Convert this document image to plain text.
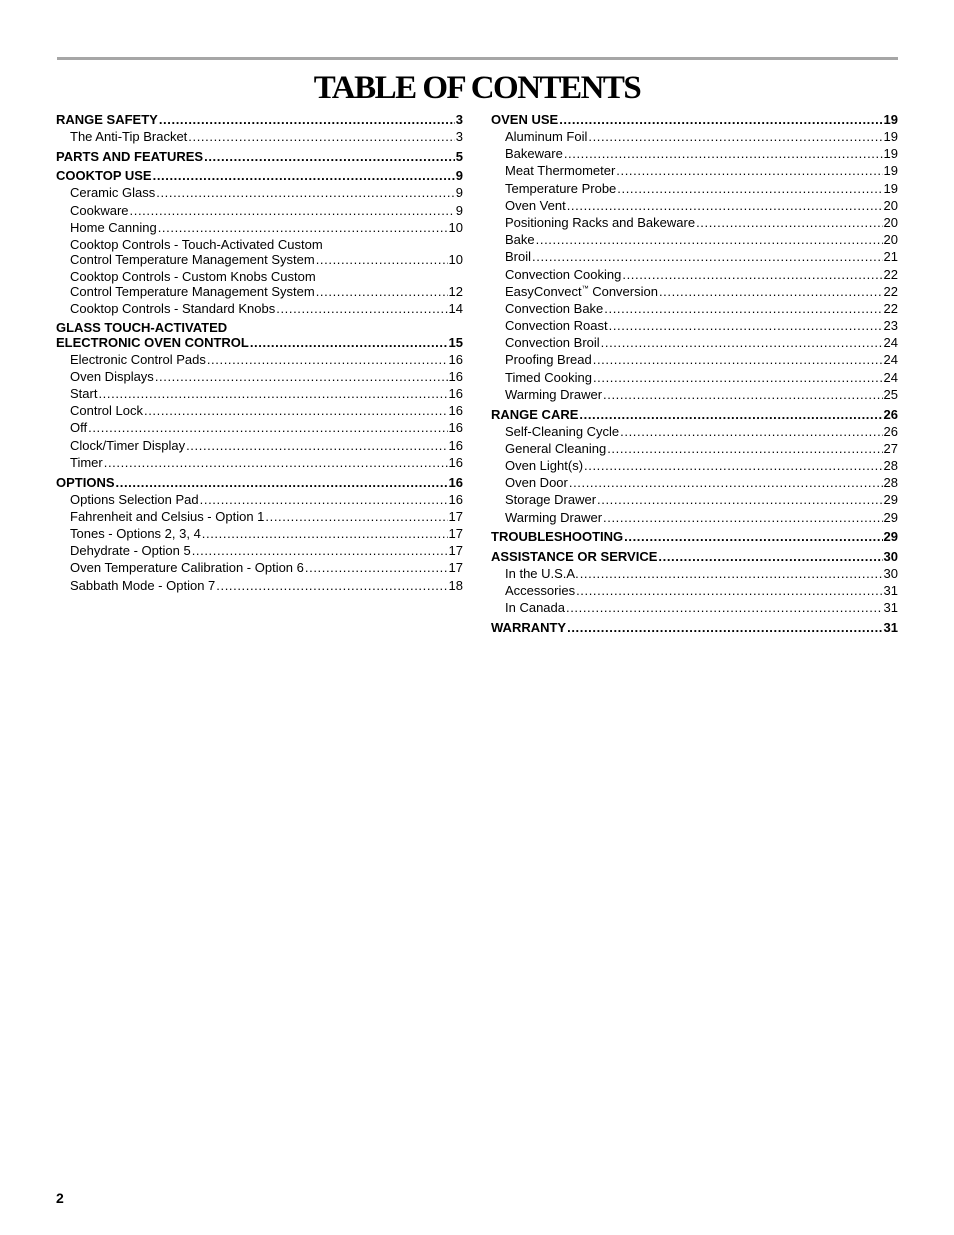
TABLE OF CONTENTS
RANGE SAFETY .....	3
The Anti-Tip Bracket .....	3
PARTS AND FEATURES .....	5
COOKTOP USE .....	9
Ceramic Glass .....	9
Cookware .....	9
Home Canning .....	10
Cooktop Controls - Touch-Activated Custom
Control Temperature Management System .....	10
Cooktop Controls - Custom Knobs Custom
Control Temperature Management System .....	12
Cooktop Controls - Standard Knobs .....	14
GLASS TOUCH-ACTIVATED
ELECTRONIC OVEN CONTROL .....	15
Electronic Control Pads .....	16
Oven Displays .....	16
Start .....	16
Control Lock .....	16
Off .....	16
Clock/Timer Display .....	16
Timer .....	16
OPTIONS .....	16
Options Selection Pad .....	16
Fahrenheit and Celsius - Option 1 .....	17
Tones - Options 2, 3, 4 .....	17
Dehydrate - Option 5 .....	17
Oven Temperature Calibration - Option 6 .....	17
Sabbath Mode - Option 7 .....	18
OVEN USE .....	19
Aluminum Foil .....	19
Bakeware .....	19
Meat Thermometer .....	19
Temperature Probe .....	19
Oven Vent .....	20
Positioning Racks and Bakeware .....	20
Bake .....	20
Broil .....	21
Convection Cooking .....	22
EasyConvect™ Conversion .....	22
Convection Bake .....	22
Convection Roast .....	23
Convection Broil .....	24
Proofing Bread .....	24
Timed Cooking .....	24
Warming Drawer .....	25
RANGE CARE .....	26
Self-Cleaning Cycle .....	26
General Cleaning .....	27
Oven Light(s) .....	28
Oven Door .....	28
Storage Drawer .....	29
Warming Drawer .....	29
TROUBLESHOOTING .....	29
ASSISTANCE OR SERVICE .....	30
In the U.S.A. .....	30
Accessories .....	31
In Canada .....	31
WARRANTY .....	31
2
